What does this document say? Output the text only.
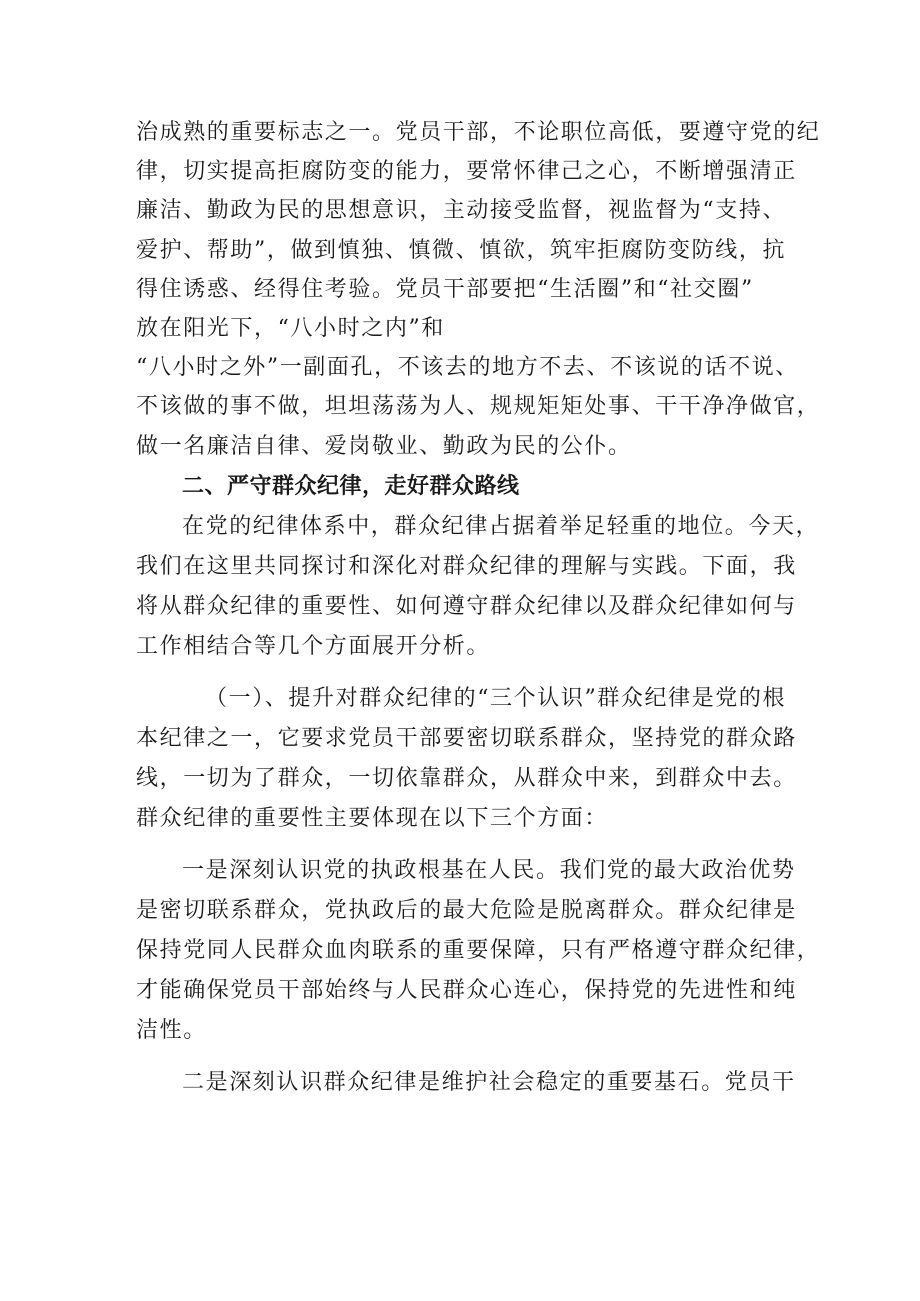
治成熟的重要标志之一。党员干部，不论职位高低，要遵守党的纪
律，切实提高拒腐防变的能力，要常怀律己之心，不断增强清正
廉洁、勤政为民的思想意识，主动接受监督，视监督为“支持、
爱护、帮助”，做到慎独、慎微、慎欲，筑牢拒腐防变防线，抗
得住诱惑、经得住考验。党员干部要把“生活圈”和“社交圈”
放在阳光下，“八小时之内”和
“八小时之外”一副面孔，不该去的地方不去、不该说的话不说、
不该做的事不做，坦坦荡荡为人、规规矩矩处事、干干净净做官，
做一名廉洁自律、爱岗敬业、勤政为民的公仆。
二、严守群众纪律，走好群众路线
在党的纪律体系中，群众纪律占据着举足轻重的地位。今天，
我们在这里共同探讨和深化对群众纪律的理解与实践。下面，我
将从群众纪律的重要性、如何遵守群众纪律以及群众纪律如何与
工作相结合等几个方面展开分析。
（一）、提升对群众纪律的“三个认识”群众纪律是党的根
本纪律之一，它要求党员干部要密切联系群众，坚持党的群众路
线，一切为了群众，一切依靠群众，从群众中来，到群众中去。
群众纪律的重要性主要体现在以下三个方面：
一是深刻认识党的执政根基在人民。我们党的最大政治优势
是密切联系群众，党执政后的最大危险是脱离群众。群众纪律是
保持党同人民群众血肉联系的重要保障，只有严格遵守群众纪律，
才能确保党员干部始终与人民群众心连心，保持党的先进性和纯
洁性。
二是深刻认识群众纪律是维护社会稳定的重要基石。党员干
